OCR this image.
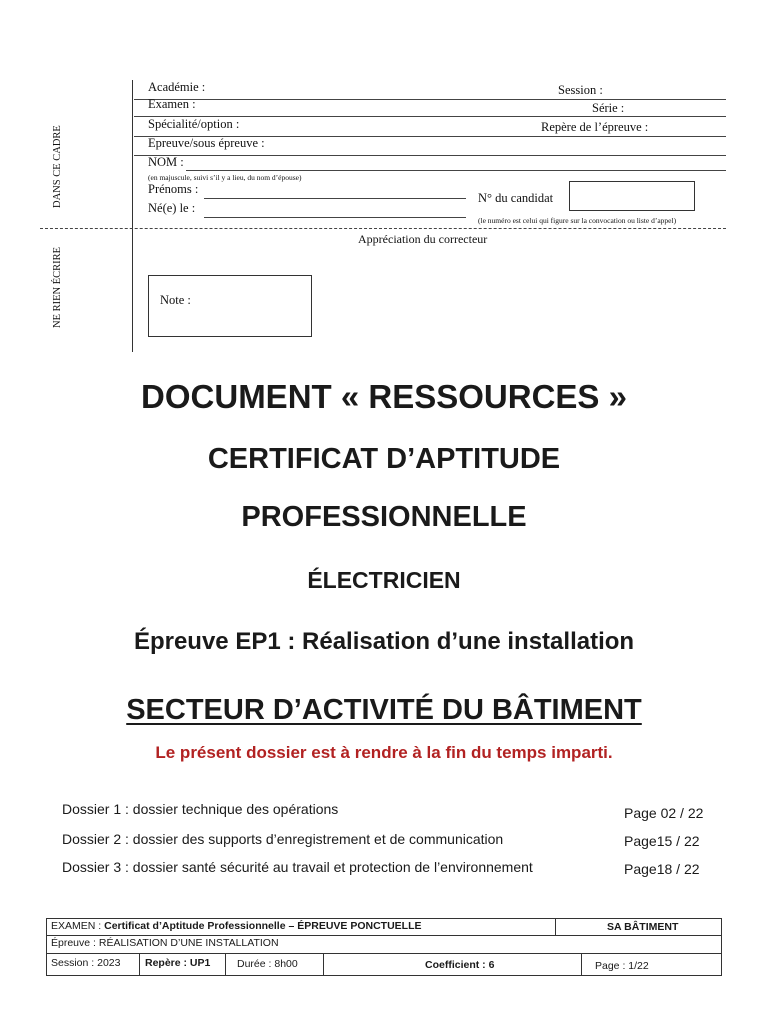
NE RIEN ÉCRIRE
DANS CE CADRE
Académie :	Session :
Examen :	Série :
Spécialité/option :	Repère de l’épreuve :
Epreuve/sous épreuve :
NOM :
(en majuscule, suivi s’il y a lieu, du nom d’épouse)
Prénoms :
N° du candidat
Né(e) le :
(le numéro est celui qui figure sur la convocation ou liste d’appel)
Appréciation du correcteur
Note :
DOCUMENT « RESSOURCES »
CERTIFICAT D’APTITUDE
PROFESSIONNELLE
ÉLECTRICIEN
Épreuve EP1 : Réalisation d’une installation
SECTEUR D’ACTIVITÉ DU BÂTIMENT
Le présent dossier est à rendre à la fin du temps imparti.
Dossier 1 : dossier technique des opérations	Page 02 / 22
Dossier 2 : dossier des supports d’enregistrement et de communication	Page15 / 22
Dossier 3 : dossier santé sécurité au travail et protection de l’environnement	Page18 / 22
EXAMEN : Certificat d’Aptitude Professionnelle – ÉPREUVE PONCTUELLE	SA BÂTIMENT
Épreuve : RÉALISATION D’UNE INSTALLATION
Session : 2023 Repère : UP1	Durée : 8h00	Coefficient : 6	Page : 1/22
